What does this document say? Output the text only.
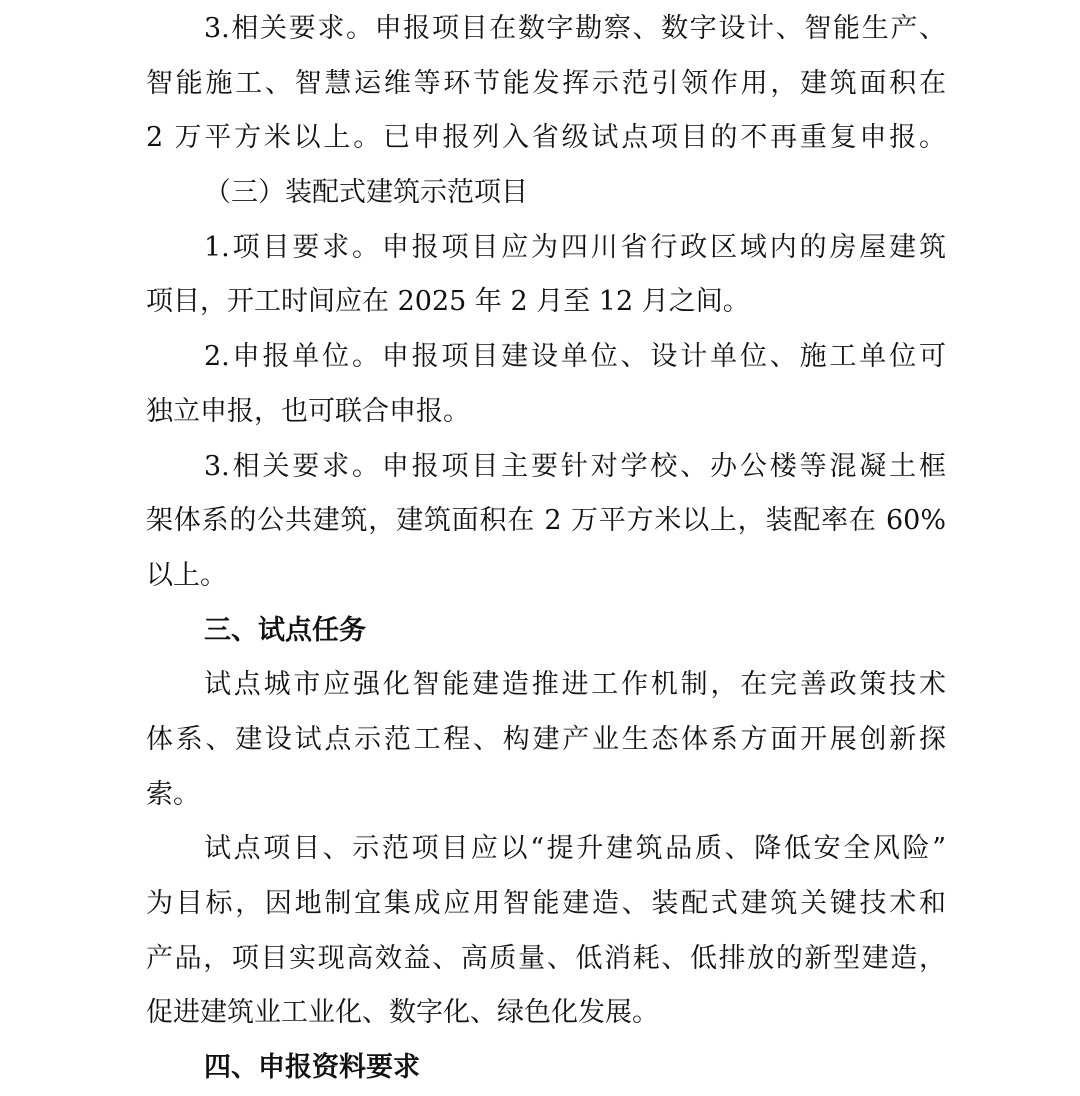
3.相关要求。申报项目在数字勘察、数字设计、智能生产、
智能施工、智慧运维等环节能发挥示范引领作用，建筑面积在
2 万平方米以上。已申报列入省级试点项目的不再重复申报。
（三）装配式建筑示范项目
1.项目要求。申报项目应为四川省行政区域内的房屋建筑
项目，开工时间应在 2025 年 2 月至 12 月之间。
2.申报单位。申报项目建设单位、设计单位、施工单位可
独立申报，也可联合申报。
3.相关要求。申报项目主要针对学校、办公楼等混凝土框
架体系的公共建筑，建筑面积在 2 万平方米以上，装配率在 60%
以上。
三、试点任务
试点城市应强化智能建造推进工作机制，在完善政策技术
体系、建设试点示范工程、构建产业生态体系方面开展创新探
索。
试点项目、示范项目应以“提升建筑品质、降低安全风险”
为目标，因地制宜集成应用智能建造、装配式建筑关键技术和
产品，项目实现高效益、高质量、低消耗、低排放的新型建造，
促进建筑业工业化、数字化、绿色化发展。
四、申报资料要求
